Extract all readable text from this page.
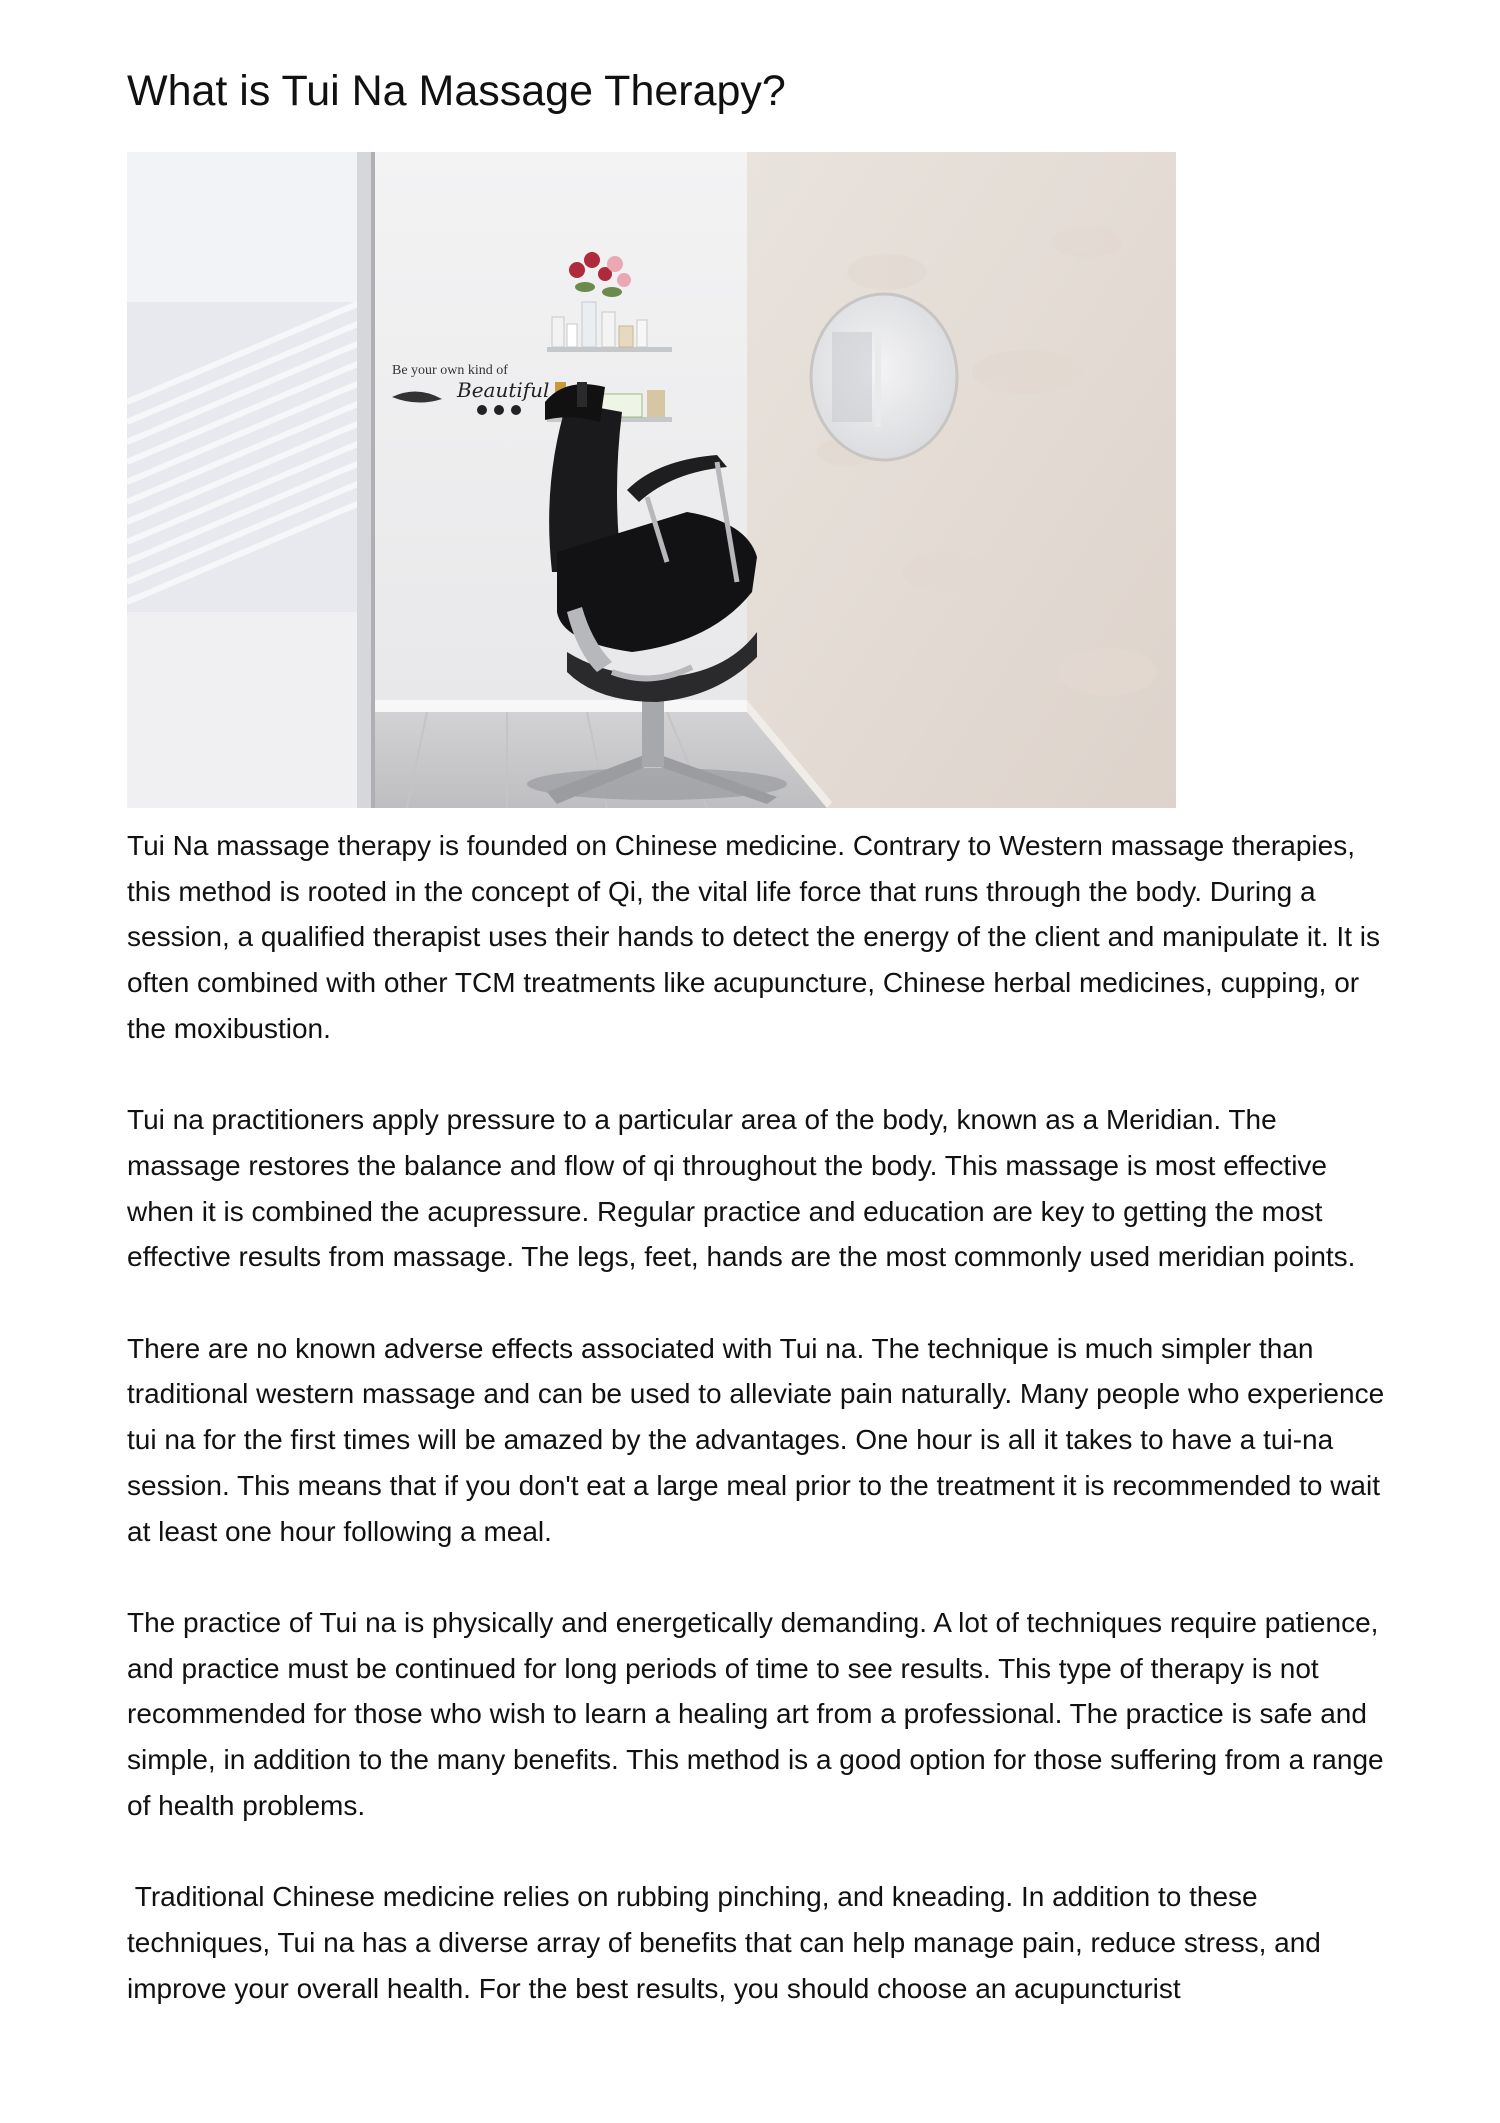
What is Tui Na Massage Therapy?
Be your own kind of
Beautiful

Tui Na massage therapy is founded on Chinese medicine. Contrary to Western massage therapies, this method is rooted in the concept of Qi, the vital life force that runs through the body. During a session, a qualified therapist uses their hands to detect the energy of the client and manipulate it. It is often combined with other TCM treatments like acupuncture, Chinese herbal medicines, cupping, or the moxibustion.

Tui na practitioners apply pressure to a particular area of the body, known as a Meridian. The massage restores the balance and flow of qi throughout the body. This massage is most effective when it is combined the acupressure. Regular practice and education are key to getting the most effective results from massage. The legs, feet, hands are the most commonly used meridian points.

There are no known adverse effects associated with Tui na. The technique is much simpler than traditional western massage and can be used to alleviate pain naturally. Many people who experience tui na for the first times will be amazed by the advantages. One hour is all it takes to have a tui-na session. This means that if you don't eat a large meal prior to the treatment it is recommended to wait at least one hour following a meal.

The practice of Tui na is physically and energetically demanding. A lot of techniques require patience, and practice must be continued for long periods of time to see results. This type of therapy is not recommended for those who wish to learn a healing art from a professional. The practice is safe and simple, in addition to the many benefits. This method is a good option for those suffering from a range of health problems.

Traditional Chinese medicine relies on rubbing pinching, and kneading. In addition to these techniques, Tui na has a diverse array of benefits that can help manage pain, reduce stress, and improve your overall health. For the best results, you should choose an acupuncturist
